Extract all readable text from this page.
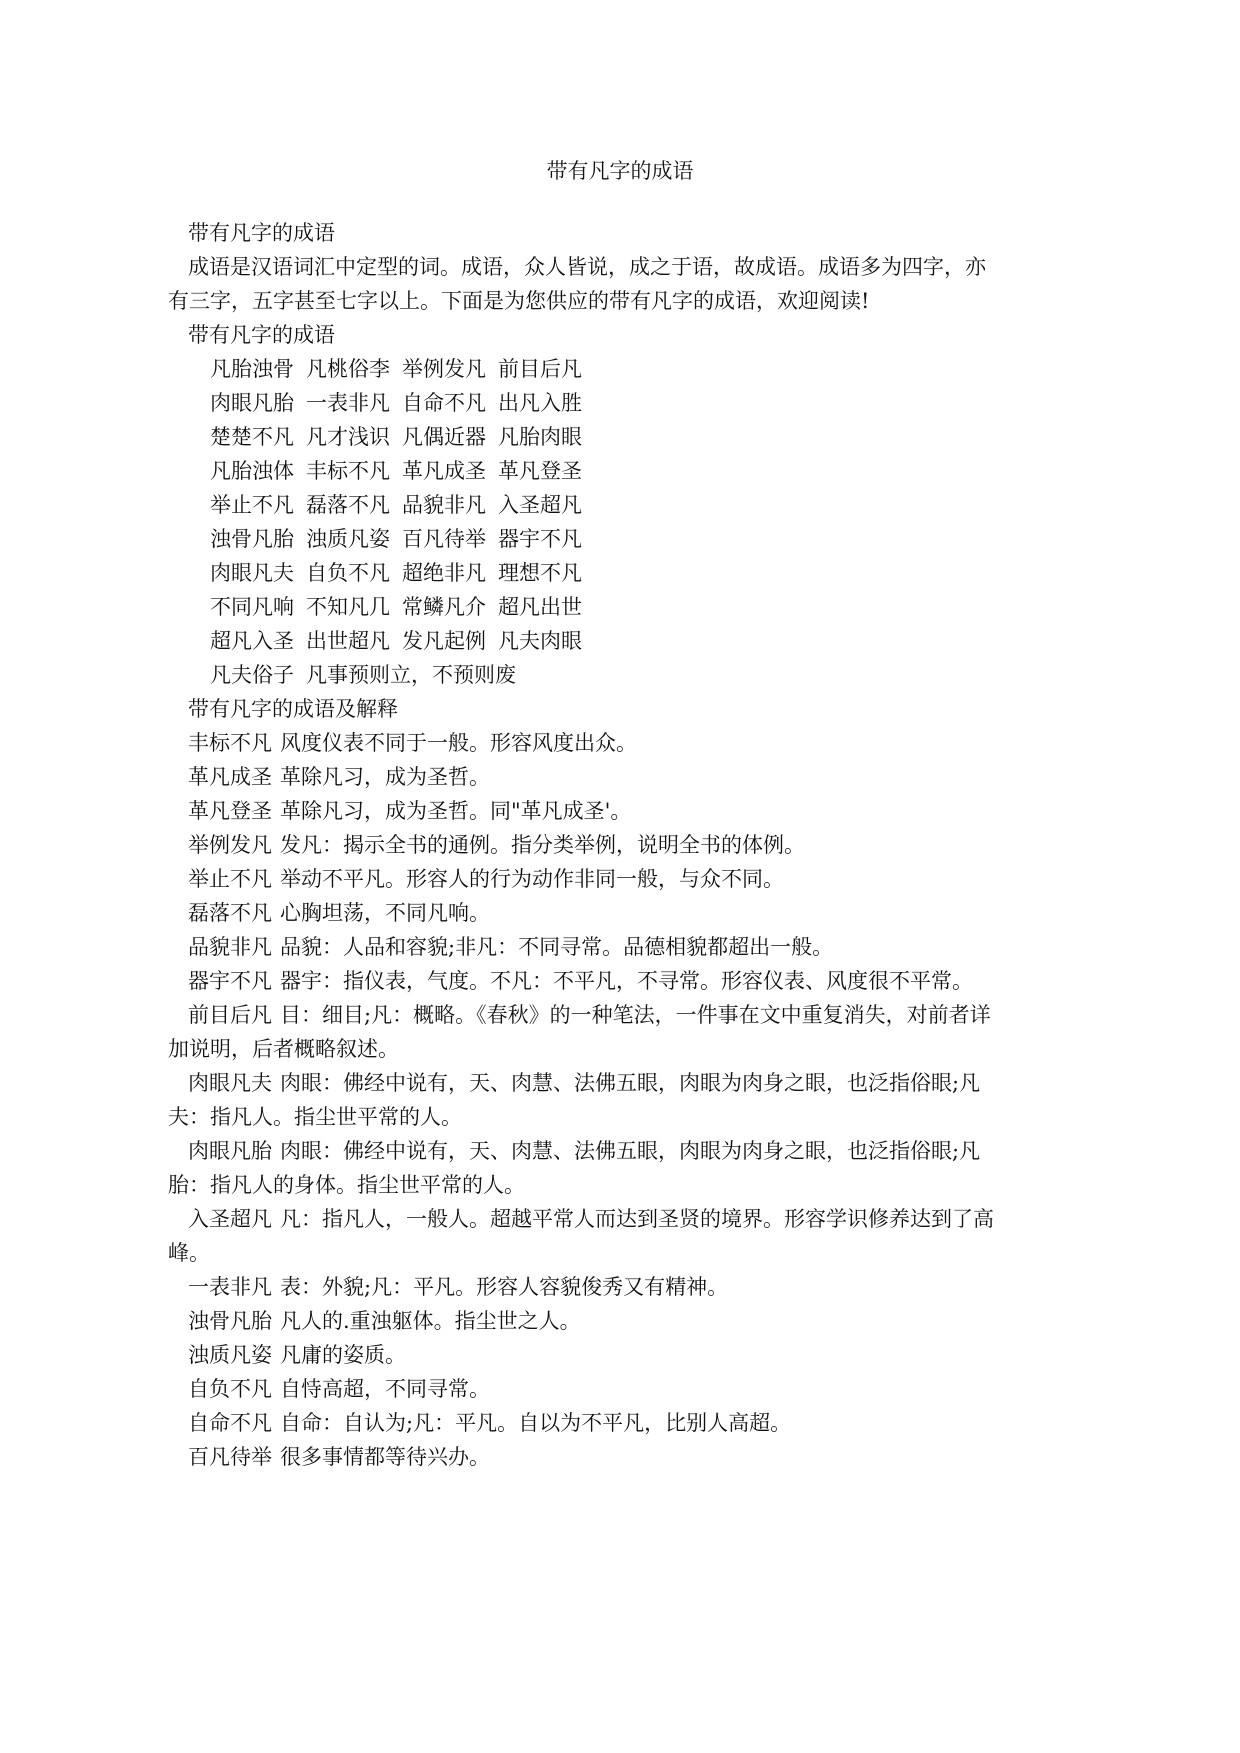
带有凡字的成语
带有凡字的成语
成语是汉语词汇中定型的词。成语，众人皆说，成之于语，故成语。成语多为四字，亦
有三字，五字甚至七字以上。下面是为您供应的带有凡字的成语，欢迎阅读!
带有凡字的成语
凡胎浊骨 凡桃俗李 举例发凡 前目后凡
肉眼凡胎 一表非凡 自命不凡 出凡入胜
楚楚不凡 凡才浅识 凡偶近器 凡胎肉眼
凡胎浊体 丰标不凡 革凡成圣 革凡登圣
举止不凡 磊落不凡 品貌非凡 入圣超凡
浊骨凡胎 浊质凡姿 百凡待举 器宇不凡
肉眼凡夫 自负不凡 超绝非凡 理想不凡
不同凡响 不知凡几 常鳞凡介 超凡出世
超凡入圣 出世超凡 发凡起例 凡夫肉眼
凡夫俗子 凡事预则立，不预则废
带有凡字的成语及解释
丰标不凡 风度仪表不同于一般。形容风度出众。
革凡成圣 革除凡习，成为圣哲。
革凡登圣 革除凡习，成为圣哲。同"革凡成圣'。
举例发凡 发凡：揭示全书的通例。指分类举例，说明全书的体例。
举止不凡 举动不平凡。形容人的行为动作非同一般，与众不同。
磊落不凡 心胸坦荡，不同凡响。
品貌非凡 品貌：人品和容貌;非凡：不同寻常。品德相貌都超出一般。
器宇不凡 器宇：指仪表，气度。不凡：不平凡，不寻常。形容仪表、风度很不平常。
前目后凡 目：细目;凡：概略。《春秋》的一种笔法，一件事在文中重复消失，对前者详
加说明，后者概略叙述。
肉眼凡夫 肉眼：佛经中说有，天、肉慧、法佛五眼，肉眼为肉身之眼，也泛指俗眼;凡
夫：指凡人。指尘世平常的人。
肉眼凡胎 肉眼：佛经中说有，天、肉慧、法佛五眼，肉眼为肉身之眼，也泛指俗眼;凡
胎：指凡人的身体。指尘世平常的人。
入圣超凡 凡：指凡人，一般人。超越平常人而达到圣贤的境界。形容学识修养达到了高
峰。
一表非凡 表：外貌;凡：平凡。形容人容貌俊秀又有精神。
浊骨凡胎 凡人的.重浊躯体。指尘世之人。
浊质凡姿 凡庸的姿质。
自负不凡 自恃高超，不同寻常。
自命不凡 自命：自认为;凡：平凡。自以为不平凡，比别人高超。
百凡待举 很多事情都等待兴办。
